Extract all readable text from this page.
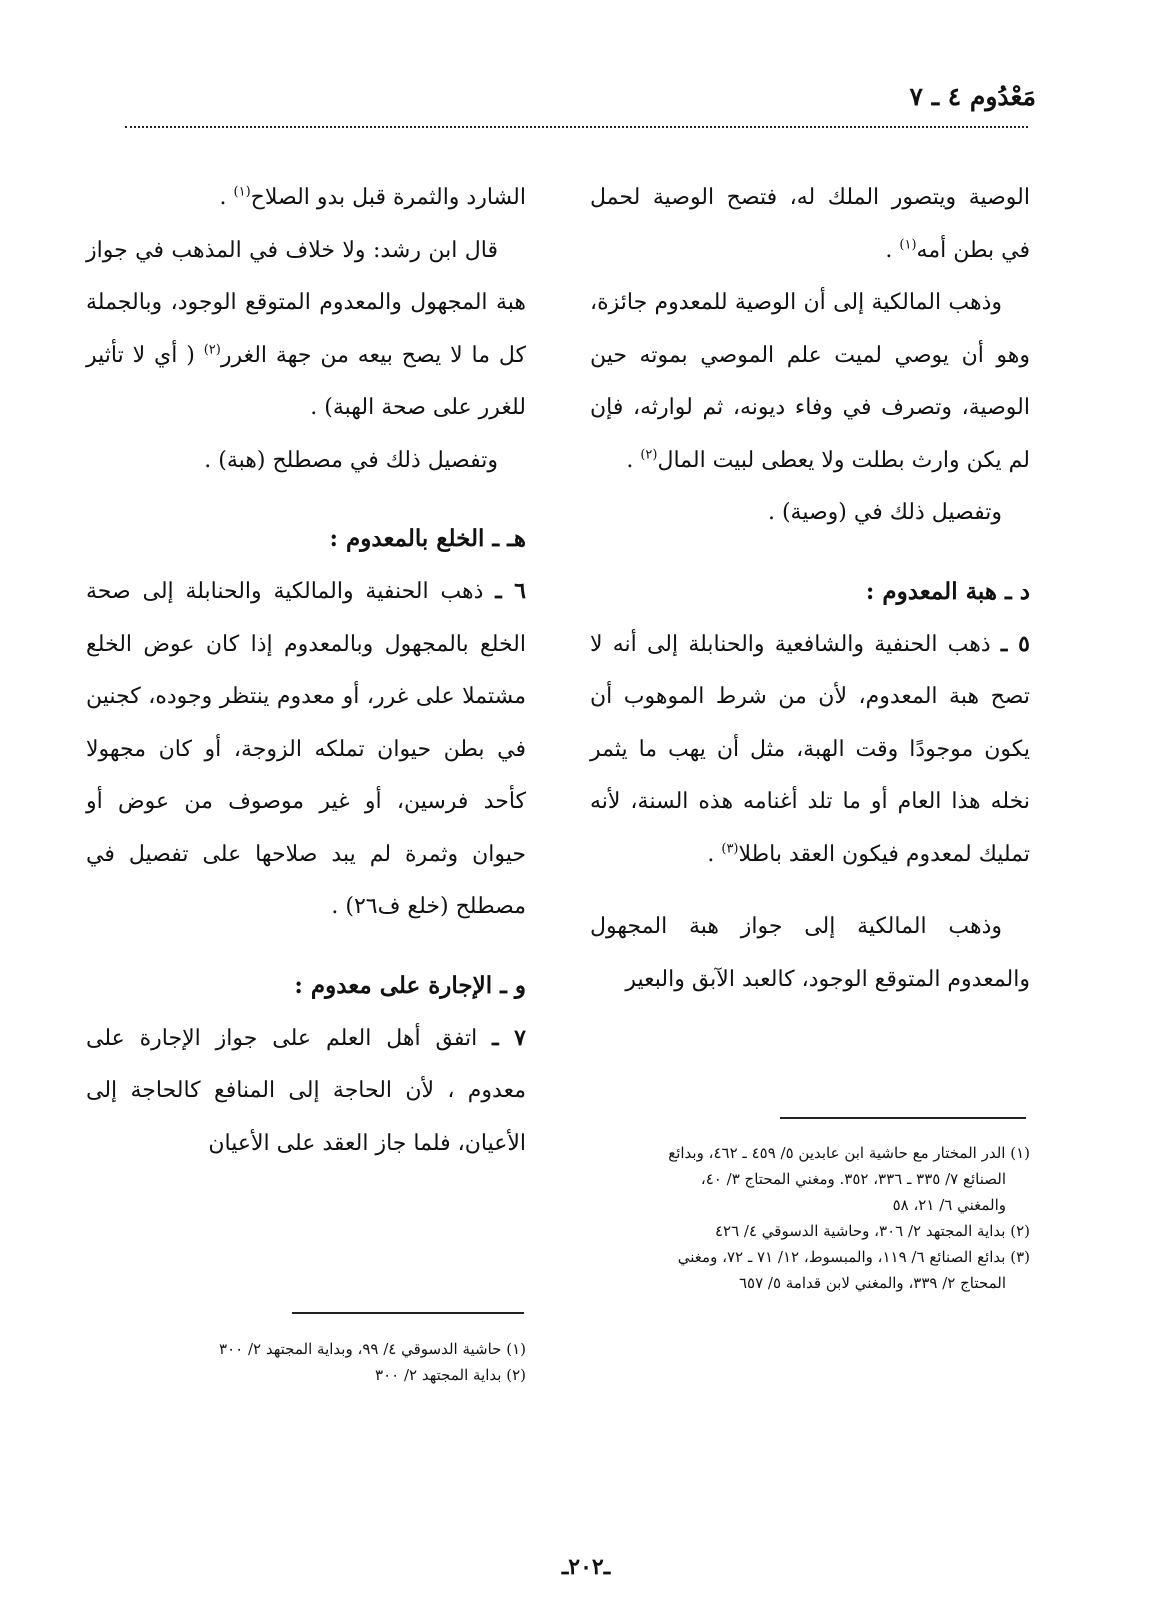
مَعْدُوم ٤ ـ ٧

الوصية ويتصور الملك له، فتصح الوصية لحمل في بطن أمه$^{(١)}$ .

وذهب المالكية إلى أن الوصية للمعدوم جائزة، وهو أن يوصي لميت علم الموصي بموته حين الوصية، وتصرف في وفاء ديونه، ثم لوارثه، فإن لم يكن وارث بطلت ولا يعطى لبيت المال$^{(٢)}$ .

وتفصيل ذلك في (وصية) .

د ـ هبة المعدوم :

٥ ـ ذهب الحنفية والشافعية والحنابلة إلى أنه لا تصح هبة المعدوم، لأن من شرط الموهوب أن يكون موجودًا وقت الهبة، مثل أن يهب ما يثمر نخله هذا العام أو ما تلد أغنامه هذه السنة، لأنه تمليك لمعدوم فيكون العقد باطلا$^{(٣)}$ .

وذهب المالكية إلى جواز هبة المجهول والمعدوم المتوقع الوجود، كالعبد الآبق والبعير

الشارد والثمرة قبل بدو الصلاح$^{(١)}$ .

قال ابن رشد: ولا خلاف في المذهب في جواز هبة المجهول والمعدوم المتوقع الوجود، وبالجملة كل ما لا يصح بيعه من جهة الغرر$^{(٢)}$ ( أي لا تأثير للغرر على صحة الهبة) .

وتفصيل ذلك في مصطلح (هبة) .

هـ ـ الخلع بالمعدوم :

٦ ـ ذهب الحنفية والمالكية والحنابلة إلى صحة الخلع بالمجهول وبالمعدوم إذا كان عوض الخلع مشتملا على غرر، أو معدوم ينتظر وجوده، كجنين في بطن حيوان تملكه الزوجة، أو كان مجهولا كأحد فرسين، أو غير موصوف من عوض أو حيوان وثمرة لم يبد صلاحها على تفصيل في مصطلح (خلع ف٢٦) .

و ـ الإجارة على معدوم :

٧ ـ اتفق أهل العلم على جواز الإجارة على معدوم ، لأن الحاجة إلى المنافع كالحاجة إلى الأعيان، فلما جاز العقد على الأعيان	(١) الدر المختار مع حاشية ابن عابدين ٥/ ٤٥٩ ـ ٤٦٢، وبدائع

الصنائع ٧/ ٣٣٥ ـ ٣٣٦، ٣٥٢. ومغني المحتاج ٣/ ٤٠،

والمغني ٦/ ٢١، ٥٨

(٢) بداية المجتهد ٢/ ٣٠٦، وحاشية الدسوقي ٤/ ٤٢٦

(٣) بدائع الصنائع ٦/ ١١٩، والمبسوط، ١٢/ ٧١ ـ ٧٢، ومغني

المحتاج ٢/ ٣٣٩، والمغني لابن قدامة ٥/ ٦٥٧

(١) حاشية الدسوقي ٤/ ٩٩، وبداية المجتهد ٢/ ٣٠٠

(٢) بداية المجتهد ٢/ ٣٠٠

ـ٢٠٢ـ
